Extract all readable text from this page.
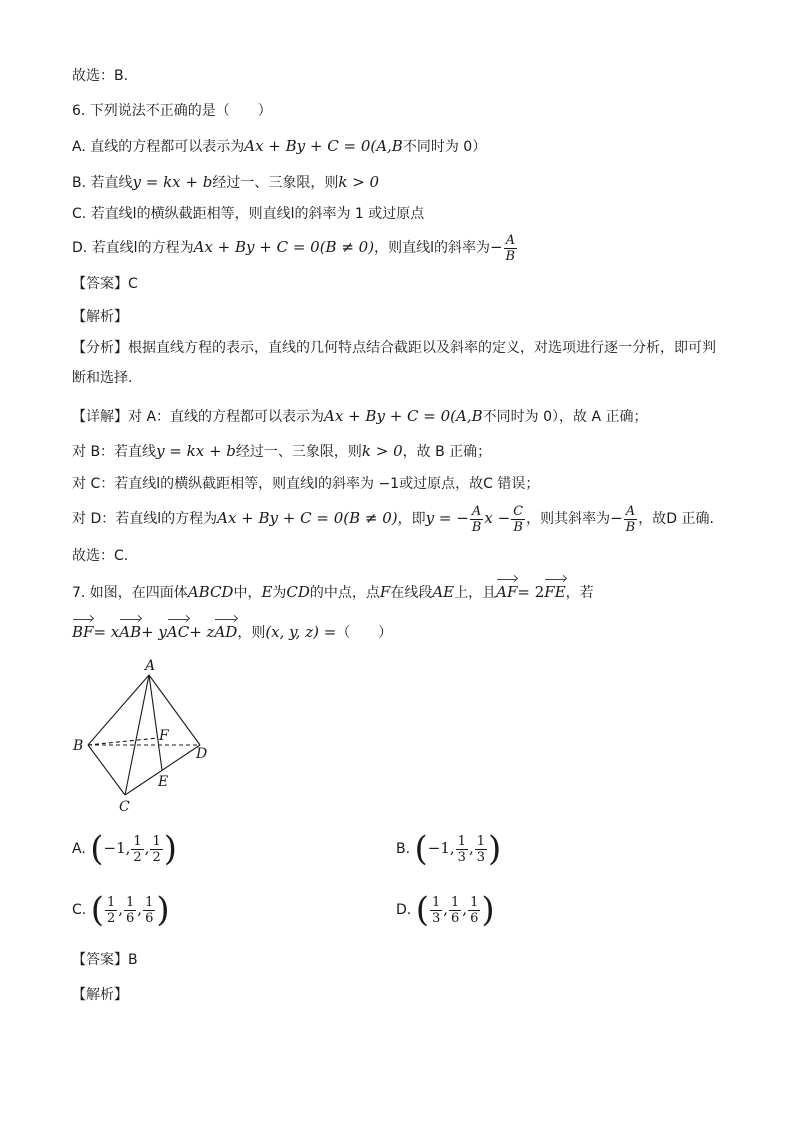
故选：B.
6. 下列说法不正确的是（　　）
A. 直线的方程都可以表示为Ax + By + C = 0(A,B不同时为 0）
B. 若直线y = kx + b经过一、三象限，则k > 0
C. 若直线l的横纵截距相等，则直线l的斜率为 1 或过原点
D. 若直线l的方程为Ax + By + C = 0(B ≠ 0)，则直线l的斜率为− $\frac{A}{B}$
【答案】C
【解析】
【分析】根据直线方程的表示，直线的几何特点结合截距以及斜率的定义，对选项进行逐一分析，即可判
断和选择.
【详解】对 A：直线的方程都可以表示为Ax + By + C = 0(A,B不同时为 0），故 A 正确；
对 B：若直线y = kx + b经过一、三象限，则k > 0，故 B 正确；
对 C：若直线l的横纵截距相等，则直线l的斜率为 −1或过原点，故C 错误；
对 D：若直线l的方程为Ax + By + C = 0(B ≠ 0)，即y = − $\frac{A}{B}$ $x - \frac{C}{B}$ ，则其斜率为− $\frac{A}{B}$ ，故D 正确.
故选：C.
7. 如图，在四面体ABCD中，E为CD的中点，点F在线段AE上，且AF= 2FE，若
BF= xAB+ yAC+ zAD，则(x, y, z) =（　　）
A
B
C
D
E
F
A. (−1, $\frac{1}{2}$ , $\frac{1}{2}$ )	B. (−1, $\frac{1}{3}$ , $\frac{1}{3}$ )
C. ( $\frac{1}{2}$ , $\frac{1}{6}$ , $\frac{1}{6}$ )	D. ( $\frac{1}{3}$ , $\frac{1}{6}$ , $\frac{1}{6}$ )
【答案】B
【解析】
